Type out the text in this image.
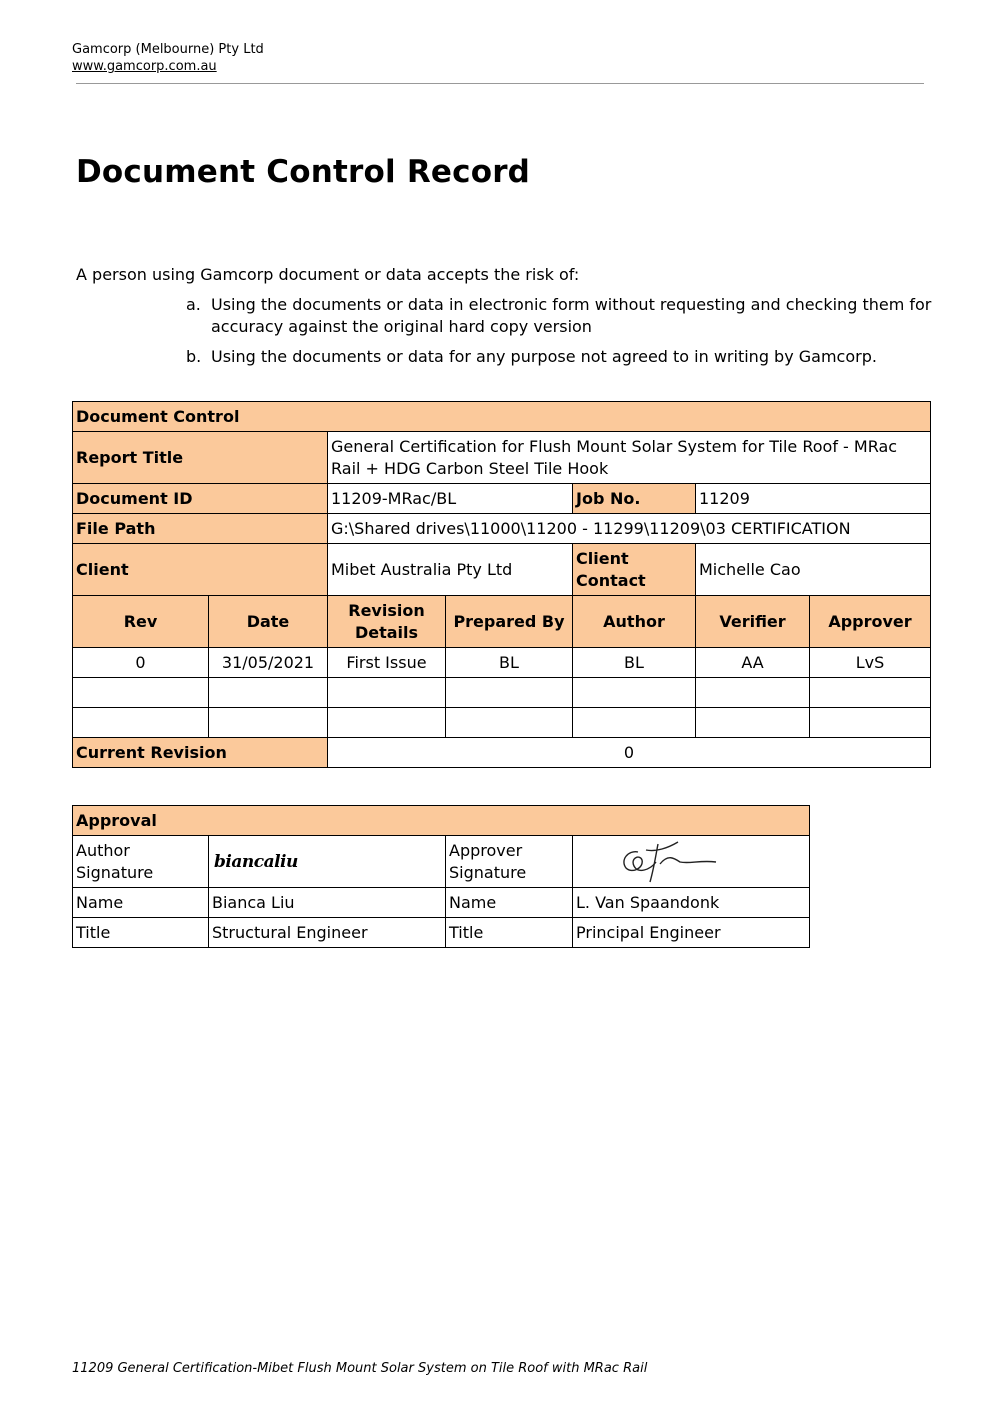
Gamcorp (Melbourne) Pty Ltd
www.gamcorp.com.au
Document Control Record
A person using Gamcorp document or data accepts the risk of:
a. Using the documents or data in electronic form without requesting and checking them for accuracy against the original hard copy version
b. Using the documents or data for any purpose not agreed to in writing by Gamcorp.
Document Control						
Report Title		General Certification for Flush Mount Solar System for Tile Roof - MRac Rail + HDG Carbon Steel Tile Hook				
Document ID		11209-MRac/BL		Job No.	11209	
File Path		G:\Shared drives\11000\11200 - 11299\11209\03 CERTIFICATION				
Client		Mibet Australia Pty Ltd		Client Contact	Michelle Cao	
Rev	Date	Revision Details	Prepared By	Author	Verifier	Approver
0	31/05/2021	First Issue	BL	BL	AA	LvS

Current Revision		0				
Approval			
Author Signature	biancaliu	Approver Signature	

Name	Bianca Liu	Name	L. Van Spaandonk
Title	Structural Engineer	Title	Principal Engineer
11209 General Certification-Mibet Flush Mount Solar System on Tile Roof with MRac Rail
